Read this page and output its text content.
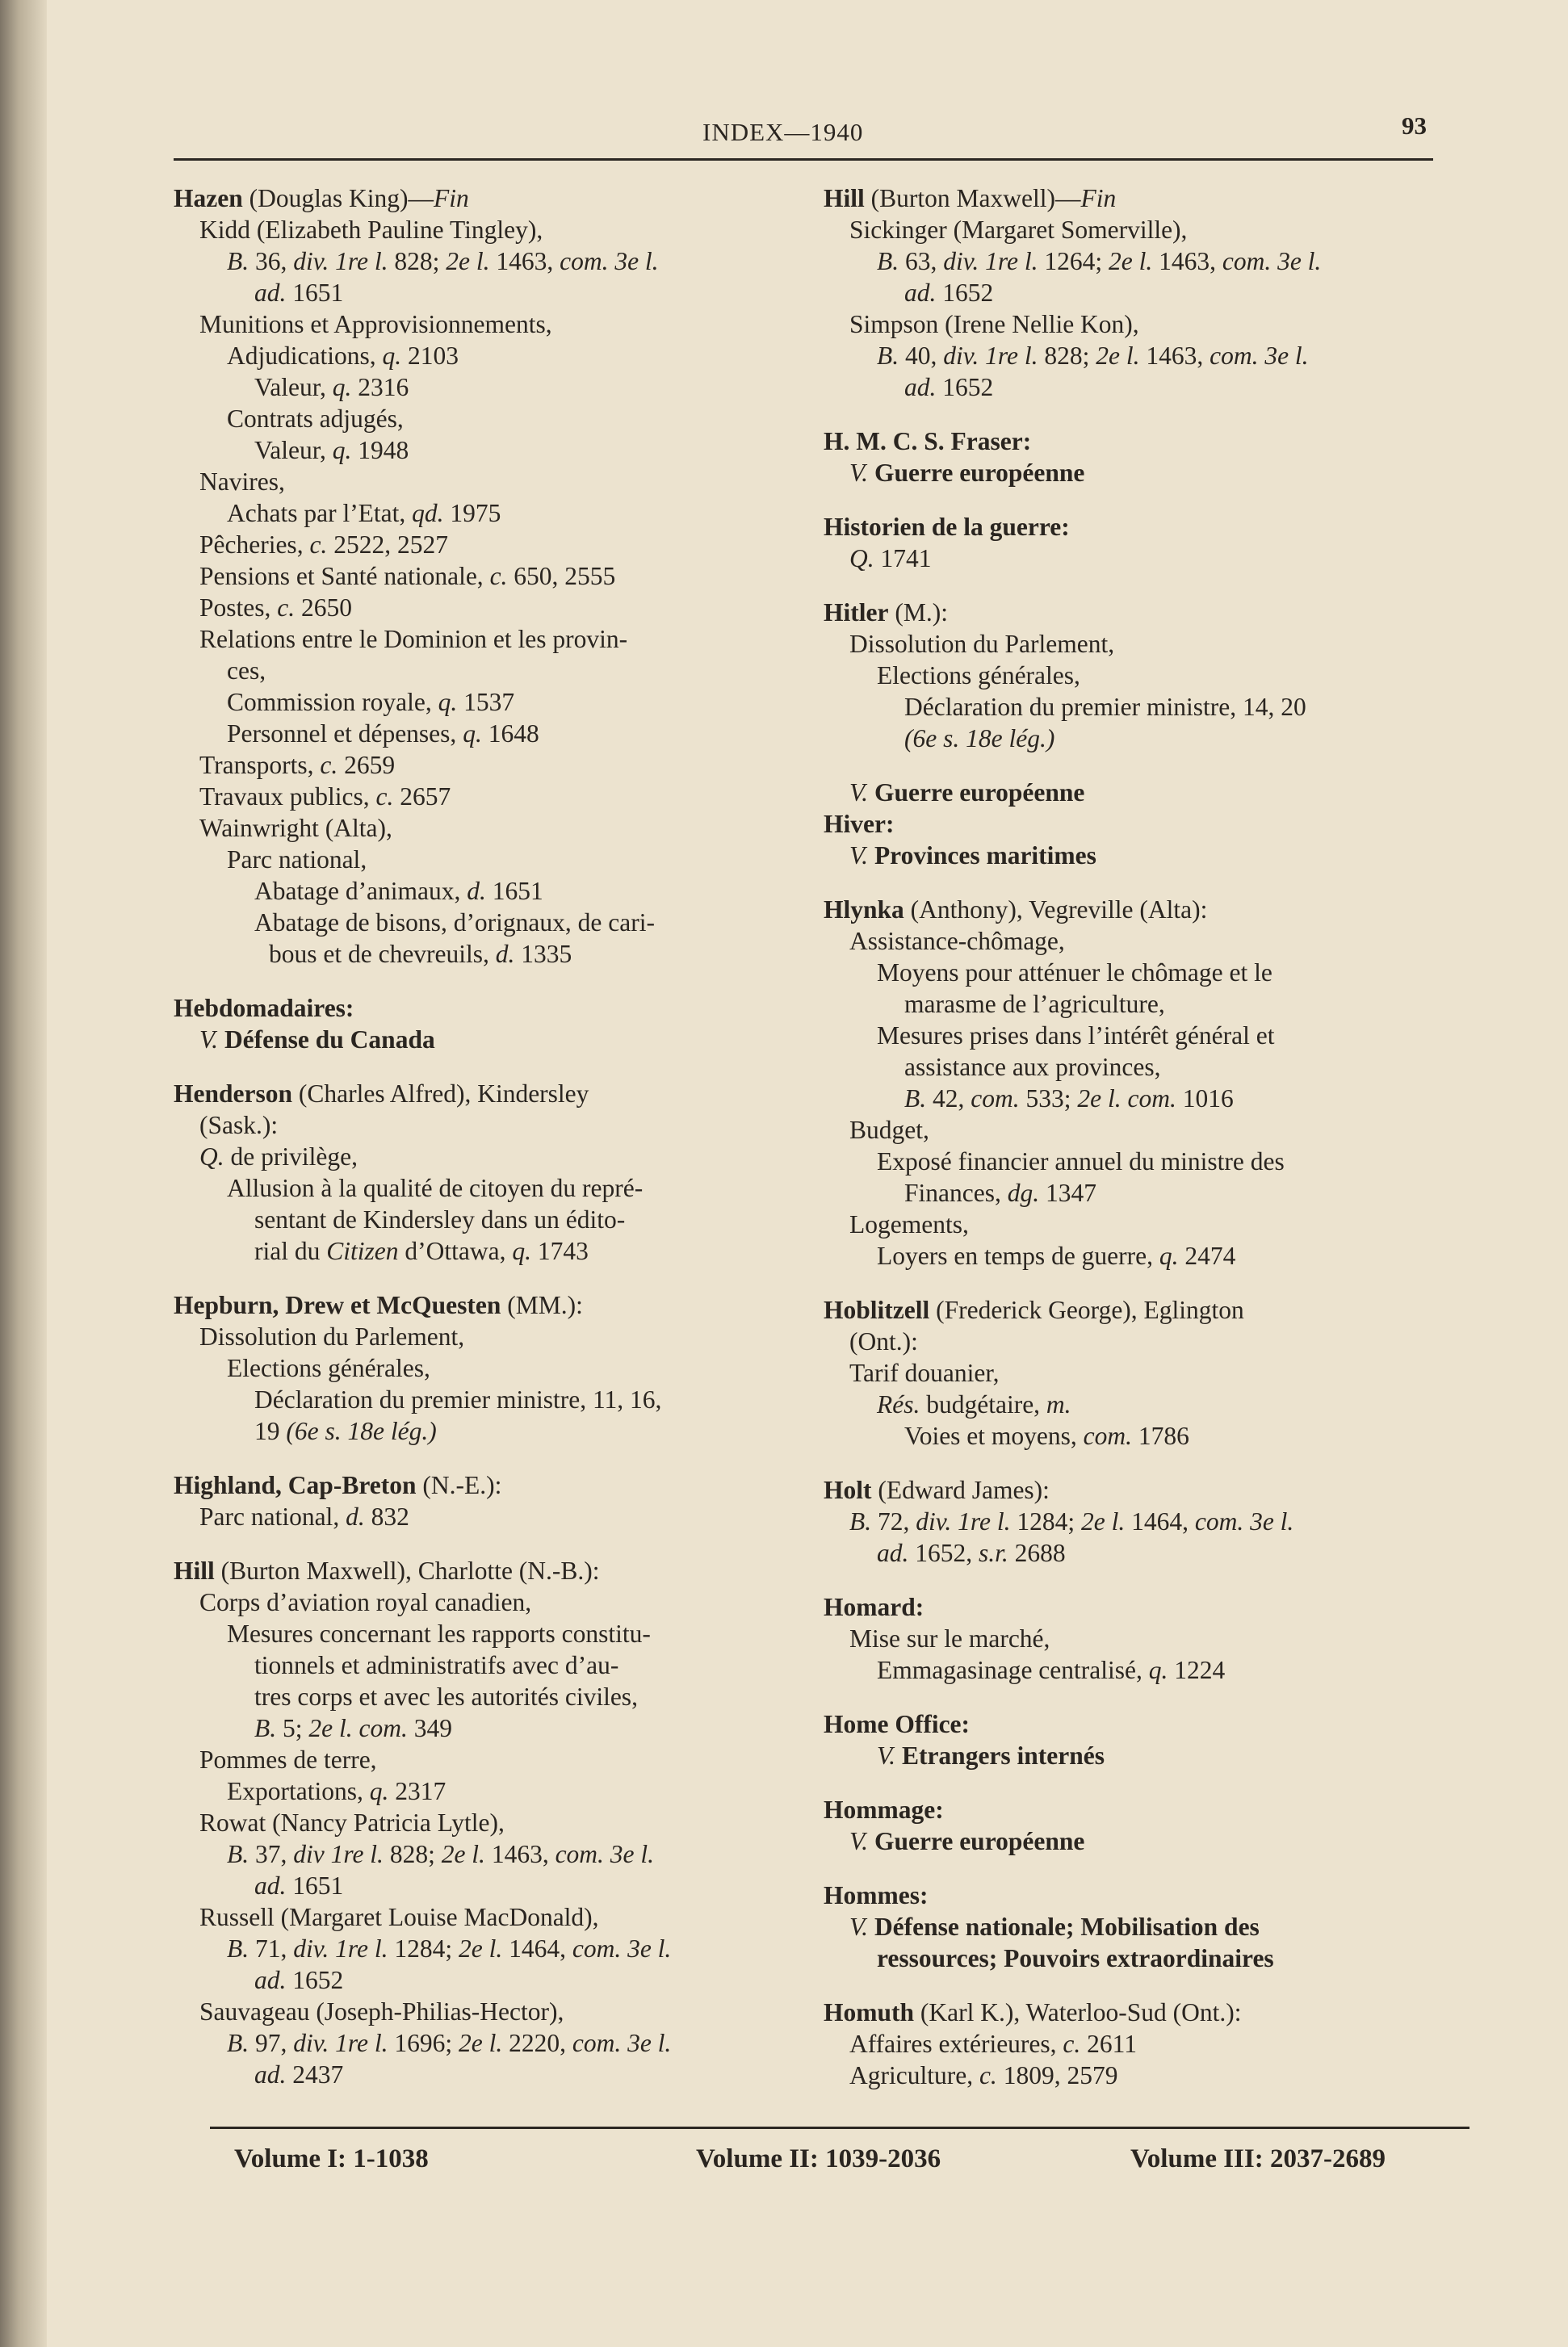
INDEX—1940	93
Hazen (Douglas King)—Fin
Kidd (Elizabeth Pauline Tingley),
B. 36, div. 1re l. 828; 2e l. 1463, com. 3e l.
ad. 1651
Munitions et Approvisionnements,
Adjudications, q. 2103
Valeur, q. 2316
Contrats adjugés,
Valeur, q. 1948
Navires,
Achats par l’Etat, qd. 1975
Pêcheries, c. 2522, 2527
Pensions et Santé nationale, c. 650, 2555
Postes, c. 2650
Relations entre le Dominion et les provin-
ces,
Commission royale, q. 1537
Personnel et dépenses, q. 1648
Transports, c. 2659
Travaux publics, c. 2657
Wainwright (Alta),
Parc national,
Abatage d’animaux, d. 1651
Abatage de bisons, d’orignaux, de cari-
bous et de chevreuils, d. 1335
Hebdomadaires:
V. Défense du Canada
Henderson (Charles Alfred), Kindersley
(Sask.):
Q. de privilège,
Allusion à la qualité de citoyen du repré-
sentant de Kindersley dans un édito-
rial du Citizen d’Ottawa, q. 1743
Hepburn, Drew et McQuesten (MM.):
Dissolution du Parlement,
Elections générales,
Déclaration du premier ministre, 11, 16,
19 (6e s. 18e lég.)
Highland, Cap-Breton (N.-E.):
Parc national, d. 832
Hill (Burton Maxwell), Charlotte (N.-B.):
Corps d’aviation royal canadien,
Mesures concernant les rapports constitu-
tionnels et administratifs avec d’au-
tres corps et avec les autorités civiles,
B. 5; 2e l. com. 349
Pommes de terre,
Exportations, q. 2317
Rowat (Nancy Patricia Lytle),
B. 37, div 1re l. 828; 2e l. 1463, com. 3e l.
ad. 1651
Russell (Margaret Louise MacDonald),
B. 71, div. 1re l. 1284; 2e l. 1464, com. 3e l.
ad. 1652
Sauvageau (Joseph-Philias-Hector),
B. 97, div. 1re l. 1696; 2e l. 2220, com. 3e l.
ad. 2437
Hill (Burton Maxwell)—Fin
Sickinger (Margaret Somerville),
B. 63, div. 1re l. 1264; 2e l. 1463, com. 3e l.
ad. 1652
Simpson (Irene Nellie Kon),
B. 40, div. 1re l. 828; 2e l. 1463, com. 3e l.
ad. 1652
H. M. C. S. Fraser:
V. Guerre européenne
Historien de la guerre:
Q. 1741
Hitler (M.):
Dissolution du Parlement,
Elections générales,
Déclaration du premier ministre, 14, 20
(6e s. 18e lég.)
V. Guerre européenne
Hiver:
V. Provinces maritimes
Hlynka (Anthony), Vegreville (Alta):
Assistance-chômage,
Moyens pour atténuer le chômage et le
marasme de l’agriculture,
Mesures prises dans l’intérêt général et
assistance aux provinces,
B. 42, com. 533; 2e l. com. 1016
Budget,
Exposé financier annuel du ministre des
Finances, dg. 1347
Logements,
Loyers en temps de guerre, q. 2474
Hoblitzell (Frederick George), Eglington
(Ont.):
Tarif douanier,
Rés. budgétaire, m.
Voies et moyens, com. 1786
Holt (Edward James):
B. 72, div. 1re l. 1284; 2e l. 1464, com. 3e l.
ad. 1652, s.r. 2688
Homard:
Mise sur le marché,
Emmagasinage centralisé, q. 1224
Home Office:
V. Etrangers internés
Hommage:
V. Guerre européenne
Hommes:
V. Défense nationale; Mobilisation des
ressources; Pouvoirs extraordinaires
Homuth (Karl K.), Waterloo-Sud (Ont.):
Affaires extérieures, c. 2611
Agriculture, c. 1809, 2579
Volume I: 1-1038	Volume II: 1039-2036	Volume III: 2037-2689
